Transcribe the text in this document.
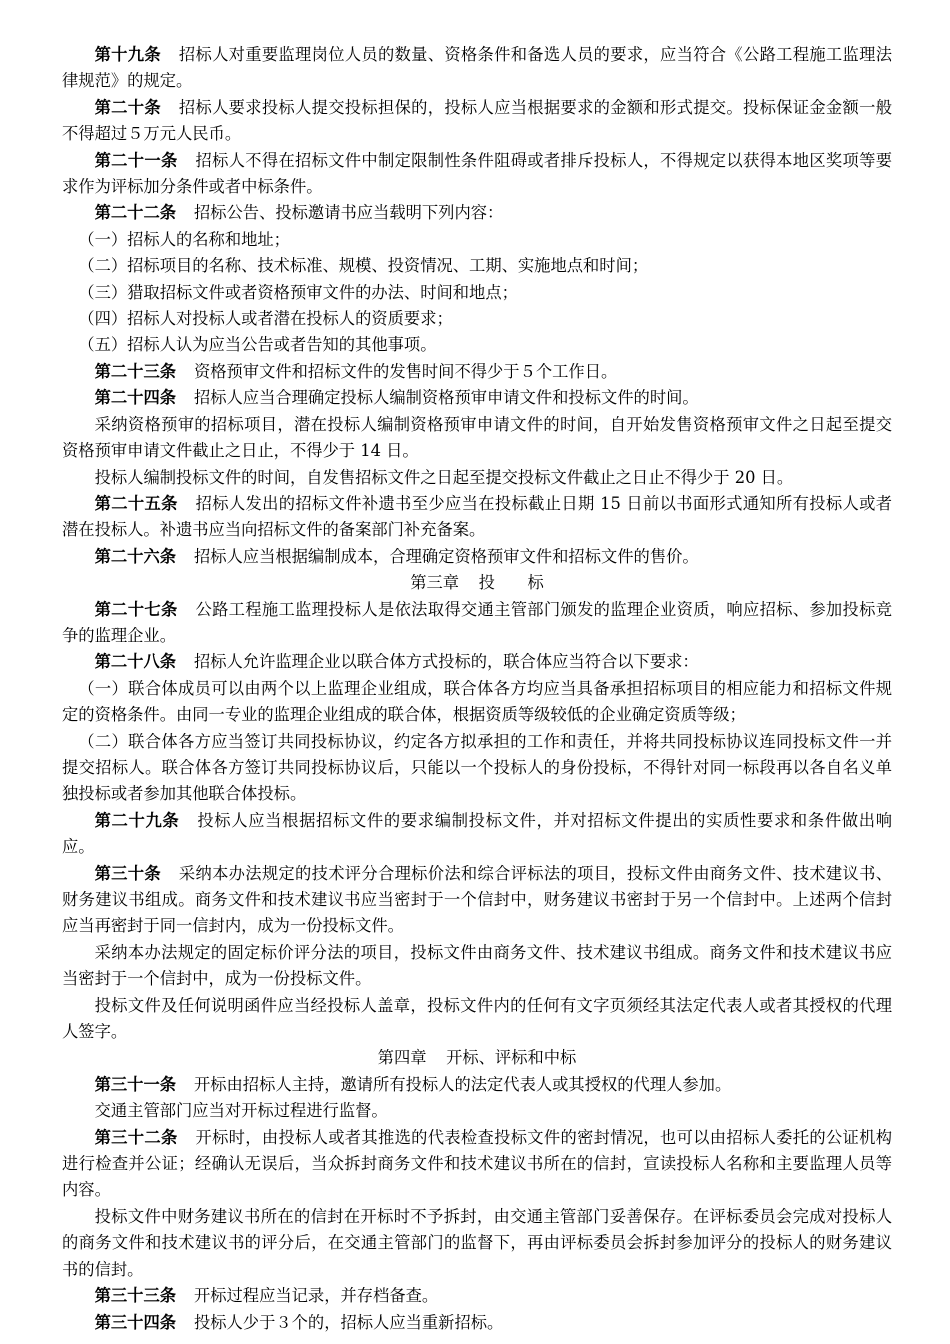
第十九条 招标人对重要监理岗位人员的数量、资格条件和备选人员的要求，应当符合《公路工程施工监理法律规范》的规定。

第二十条 招标人要求投标人提交投标担保的，投标人应当根据要求的金额和形式提交。投标保证金金额一般不得超过５万元人民币。

第二十一条 招标人不得在招标文件中制定限制性条件阻碍或者排斥投标人，不得规定以获得本地区奖项等要求作为评标加分条件或者中标条件。

第二十二条 招标公告、投标邀请书应当载明下列内容：

（一）招标人的名称和地址；

（二）招标项目的名称、技术标准、规模、投资情况、工期、实施地点和时间；

（三）猎取招标文件或者资格预审文件的办法、时间和地点；

（四）招标人对投标人或者潜在投标人的资质要求；

（五）招标人认为应当公告或者告知的其他事项。

第二十三条 资格预审文件和招标文件的发售时间不得少于５个工作日。

第二十四条 招标人应当合理确定投标人编制资格预审申请文件和投标文件的时间。

采纳资格预审的招标项目，潜在投标人编制资格预审申请文件的时间，自开始发售资格预审文件之日起至提交资格预审申请文件截止之日止，不得少于 14 日。

投标人编制投标文件的时间，自发售招标文件之日起至提交投标文件截止之日止不得少于 20 日。

第二十五条 招标人发出的招标文件补遗书至少应当在投标截止日期 15 日前以书面形式通知所有投标人或者潜在投标人。补遗书应当向招标文件的备案部门补充备案。

第二十六条 招标人应当根据编制成本，合理确定资格预审文件和招标文件的售价。

第三章 投　　标

第二十七条 公路工程施工监理投标人是依法取得交通主管部门颁发的监理企业资质，响应招标、参加投标竞争的监理企业。

第二十八条 招标人允许监理企业以联合体方式投标的，联合体应当符合以下要求：

（一）联合体成员可以由两个以上监理企业组成，联合体各方均应当具备承担招标项目的相应能力和招标文件规定的资格条件。由同一专业的监理企业组成的联合体，根据资质等级较低的企业确定资质等级；

（二）联合体各方应当签订共同投标协议，约定各方拟承担的工作和责任，并将共同投标协议连同投标文件一并提交招标人。联合体各方签订共同投标协议后，只能以一个投标人的身份投标，不得针对同一标段再以各自名义单独投标或者参加其他联合体投标。

第二十九条 投标人应当根据招标文件的要求编制投标文件，并对招标文件提出的实质性要求和条件做出响应。

第三十条 采纳本办法规定的技术评分合理标价法和综合评标法的项目，投标文件由商务文件、技术建议书、财务建议书组成。商务文件和技术建议书应当密封于一个信封中，财务建议书密封于另一个信封中。上述两个信封应当再密封于同一信封内，成为一份投标文件。

采纳本办法规定的固定标价评分法的项目，投标文件由商务文件、技术建议书组成。商务文件和技术建议书应当密封于一个信封中，成为一份投标文件。

投标文件及任何说明函件应当经投标人盖章，投标文件内的任何有文字页须经其法定代表人或者其授权的代理人签字。

第四章 开标、评标和中标

第三十一条 开标由招标人主持，邀请所有投标人的法定代表人或其授权的代理人参加。

交通主管部门应当对开标过程进行监督。

第三十二条 开标时，由投标人或者其推选的代表检查投标文件的密封情况，也可以由招标人委托的公证机构进行检查并公证；经确认无误后，当众拆封商务文件和技术建议书所在的信封，宣读投标人名称和主要监理人员等内容。

投标文件中财务建议书所在的信封在开标时不予拆封，由交通主管部门妥善保存。在评标委员会完成对投标人的商务文件和技术建议书的评分后，在交通主管部门的监督下，再由评标委员会拆封参加评分的投标人的财务建议书的信封。

第三十三条 开标过程应当记录，并存档备查。

第三十四条 投标人少于３个的，招标人应当重新招标。
